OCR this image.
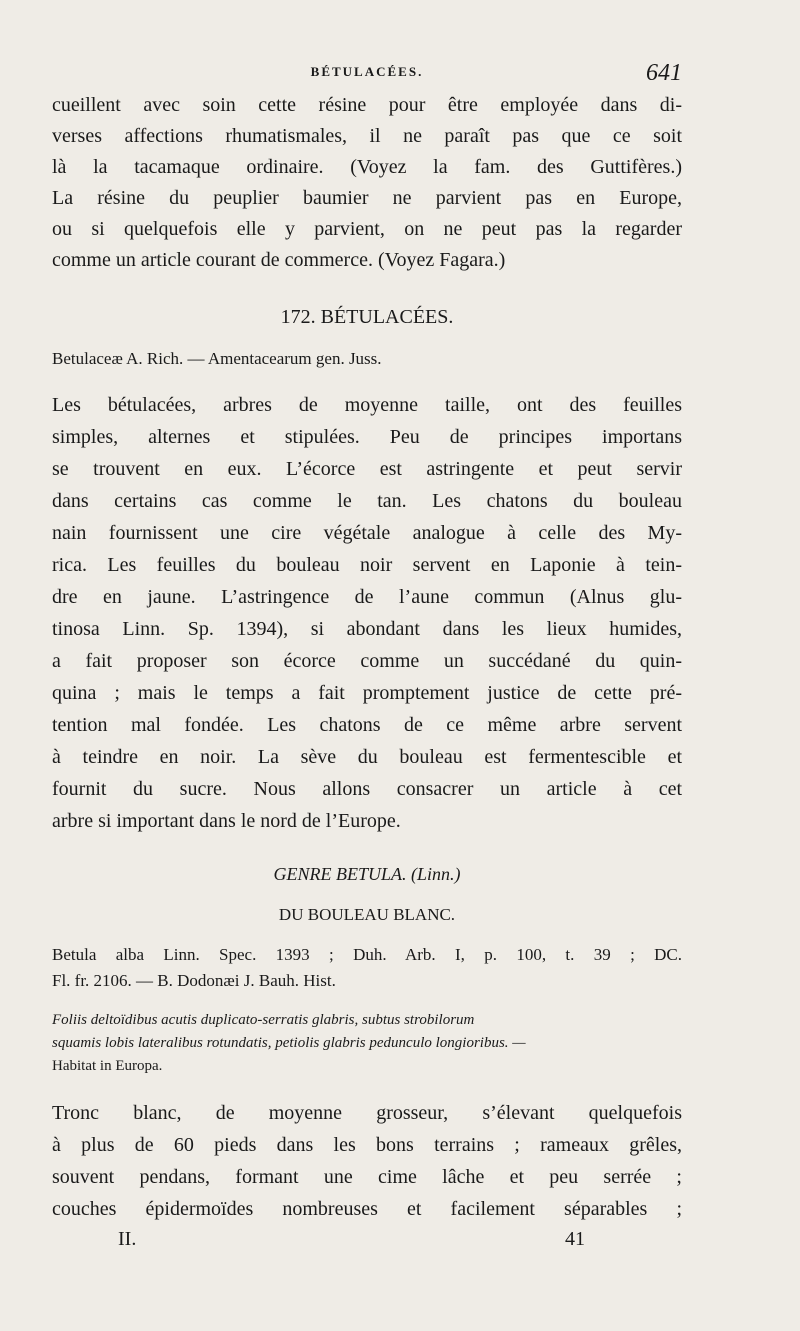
BÉTULACÉES.	641
cueillent avec soin cette résine pour être employée dans di-
verses affections rhumatismales, il ne paraît pas que ce soit
là la tacamaque ordinaire. (Voyez la fam. des Guttifères.)
La résine du peuplier baumier ne parvient pas en Europe,
ou si quelquefois elle y parvient, on ne peut pas la regarder
comme un article courant de commerce. (Voyez Fagara.)
172. BÉTULACÉES.
Betulaceæ A. Rich. — Amentacearum gen. Juss.
Les bétulacées, arbres de moyenne taille, ont des feuilles
simples, alternes et stipulées. Peu de principes importans
se trouvent en eux. L’écorce est astringente et peut servir
dans certains cas comme le tan. Les chatons du bouleau
nain fournissent une cire végétale analogue à celle des My-
rica. Les feuilles du bouleau noir servent en Laponie à tein-
dre en jaune. L’astringence de l’aune commun (Alnus glu-
tinosa Linn. Sp. 1394), si abondant dans les lieux humides,
a fait proposer son écorce comme un succédané du quin-
quina ; mais le temps a fait promptement justice de cette pré-
tention mal fondée. Les chatons de ce même arbre servent
à teindre en noir. La sève du bouleau est fermentescible et
fournit du sucre. Nous allons consacrer un article à cet
arbre si important dans le nord de l’Europe.
GENRE BETULA. (Linn.)
DU BOULEAU BLANC.
Betula alba Linn. Spec. 1393 ; Duh. Arb. I, p. 100, t. 39 ; DC.
Fl. fr. 2106. — B. Dodonæi J. Bauh. Hist.
Foliis deltoïdibus acutis duplicato-serratis glabris, subtus strobilorum
squamis lobis lateralibus rotundatis, petiolis glabris pedunculo longioribus. —
Habitat in Europa.
Tronc blanc, de moyenne grosseur, s’élevant quelquefois
à plus de 60 pieds dans les bons terrains ; rameaux grêles,
souvent pendans, formant une cime lâche et peu serrée ;
couches épidermoïdes nombreuses et facilement séparables ;
II.	41
